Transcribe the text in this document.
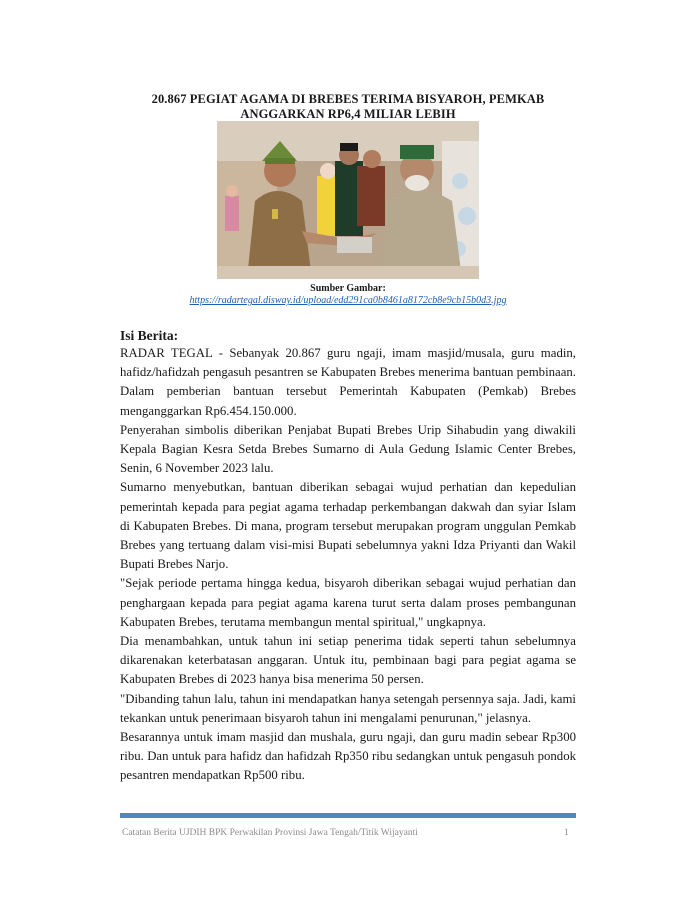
20.867 PEGIAT AGAMA DI BREBES TERIMA BISYAROH, PEMKAB
ANGGARKAN RP6,4 MILIAR LEBIH
Sumber Gambar:
https://radartegal.disway.id/upload/edd291ca0b8461a8172cb8e9cb15b0d3.jpg
Isi Berita:

RADAR TEGAL - Sebanyak 20.867 guru ngaji, imam masjid/musala, guru madin, hafidz/hafidzah pengasuh pesantren se Kabupaten Brebes menerima bantuan pembinaan. Dalam pemberian bantuan tersebut Pemerintah Kabupaten (Pemkab) Brebes menganggarkan Rp6.454.150.000.

Penyerahan simbolis diberikan Penjabat Bupati Brebes Urip Sihabudin yang diwakili Kepala Bagian Kesra Setda Brebes Sumarno di Aula Gedung Islamic Center Brebes, Senin, 6 November 2023 lalu.

Sumarno menyebutkan, bantuan diberikan sebagai wujud perhatian dan kepedulian pemerintah kepada para pegiat agama terhadap perkembangan dakwah dan syiar Islam di Kabupaten Brebes. Di mana, program tersebut merupakan program unggulan Pemkab Brebes yang tertuang dalam visi-misi Bupati sebelumnya yakni Idza Priyanti dan Wakil Bupati Brebes Narjo.

"Sejak periode pertama hingga kedua, bisyaroh diberikan sebagai wujud perhatian dan penghargaan kepada para pegiat agama karena turut serta dalam proses pembangunan Kabupaten Brebes, terutama membangun mental spiritual," ungkapnya.

Dia menambahkan, untuk tahun ini setiap penerima tidak seperti tahun sebelumnya dikarenakan keterbatasan anggaran. Untuk itu, pembinaan bagi para pegiat agama se Kabupaten Brebes di 2023 hanya bisa menerima 50 persen.

"Dibanding tahun lalu, tahun ini mendapatkan hanya setengah persennya saja. Jadi, kami tekankan untuk penerimaan bisyaroh tahun ini mengalami penurunan," jelasnya.

Besarannya untuk imam masjid dan mushala, guru ngaji, dan guru madin sebear Rp300 ribu. Dan untuk para hafidz dan hafidzah Rp350 ribu sedangkan untuk pengasuh pondok pesantren mendapatkan Rp500 ribu.

Catatan Berita UJDIH BPK Perwakilan Provinsi Jawa Tengah/Titik Wijayanti	1
